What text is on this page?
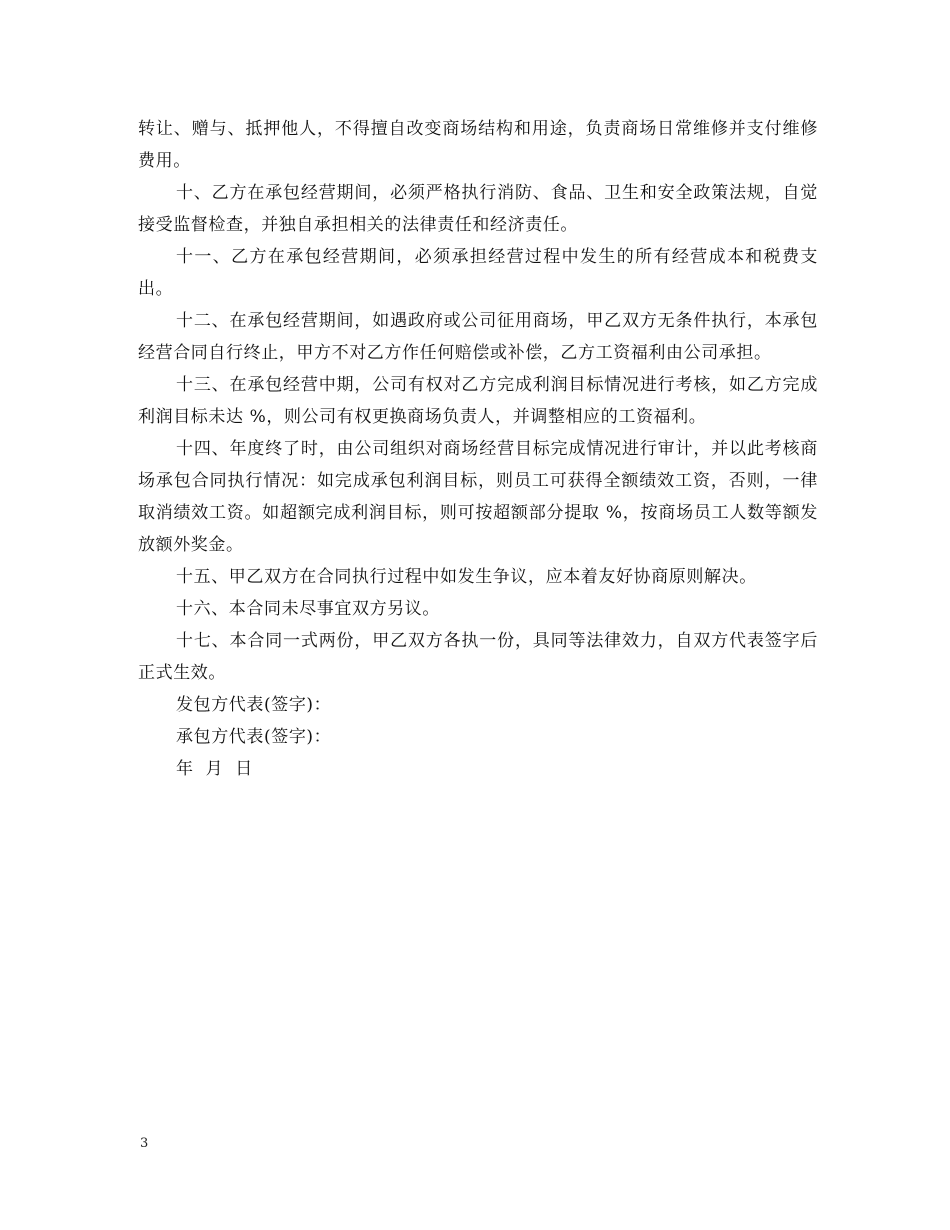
转让、赠与、抵押他人，不得擅自改变商场结构和用途，负责商场日常维修并支付维修费用。

十、乙方在承包经营期间，必须严格执行消防、食品、卫生和安全政策法规，自觉接受监督检查，并独自承担相关的法律责任和经济责任。

十一、乙方在承包经营期间，必须承担经营过程中发生的所有经营成本和税费支出。

十二、在承包经营期间，如遇政府或公司征用商场，甲乙双方无条件执行，本承包经营合同自行终止，甲方不对乙方作任何赔偿或补偿，乙方工资福利由公司承担。

十三、在承包经营中期，公司有权对乙方完成利润目标情况进行考核，如乙方完成利润目标未达 %，则公司有权更换商场负责人，并调整相应的工资福利。

十四、年度终了时，由公司组织对商场经营目标完成情况进行审计，并以此考核商场承包合同执行情况：如完成承包利润目标，则员工可获得全额绩效工资，否则，一律取消绩效工资。如超额完成利润目标，则可按超额部分提取 %，按商场员工人数等额发放额外奖金。

十五、甲乙双方在合同执行过程中如发生争议，应本着友好协商原则解决。

十六、本合同未尽事宜双方另议。

十七、本合同一式两份，甲乙双方各执一份，具同等法律效力，自双方代表签字后正式生效。

发包方代表(签字)：

承包方代表(签字)：

年 月 日

3
